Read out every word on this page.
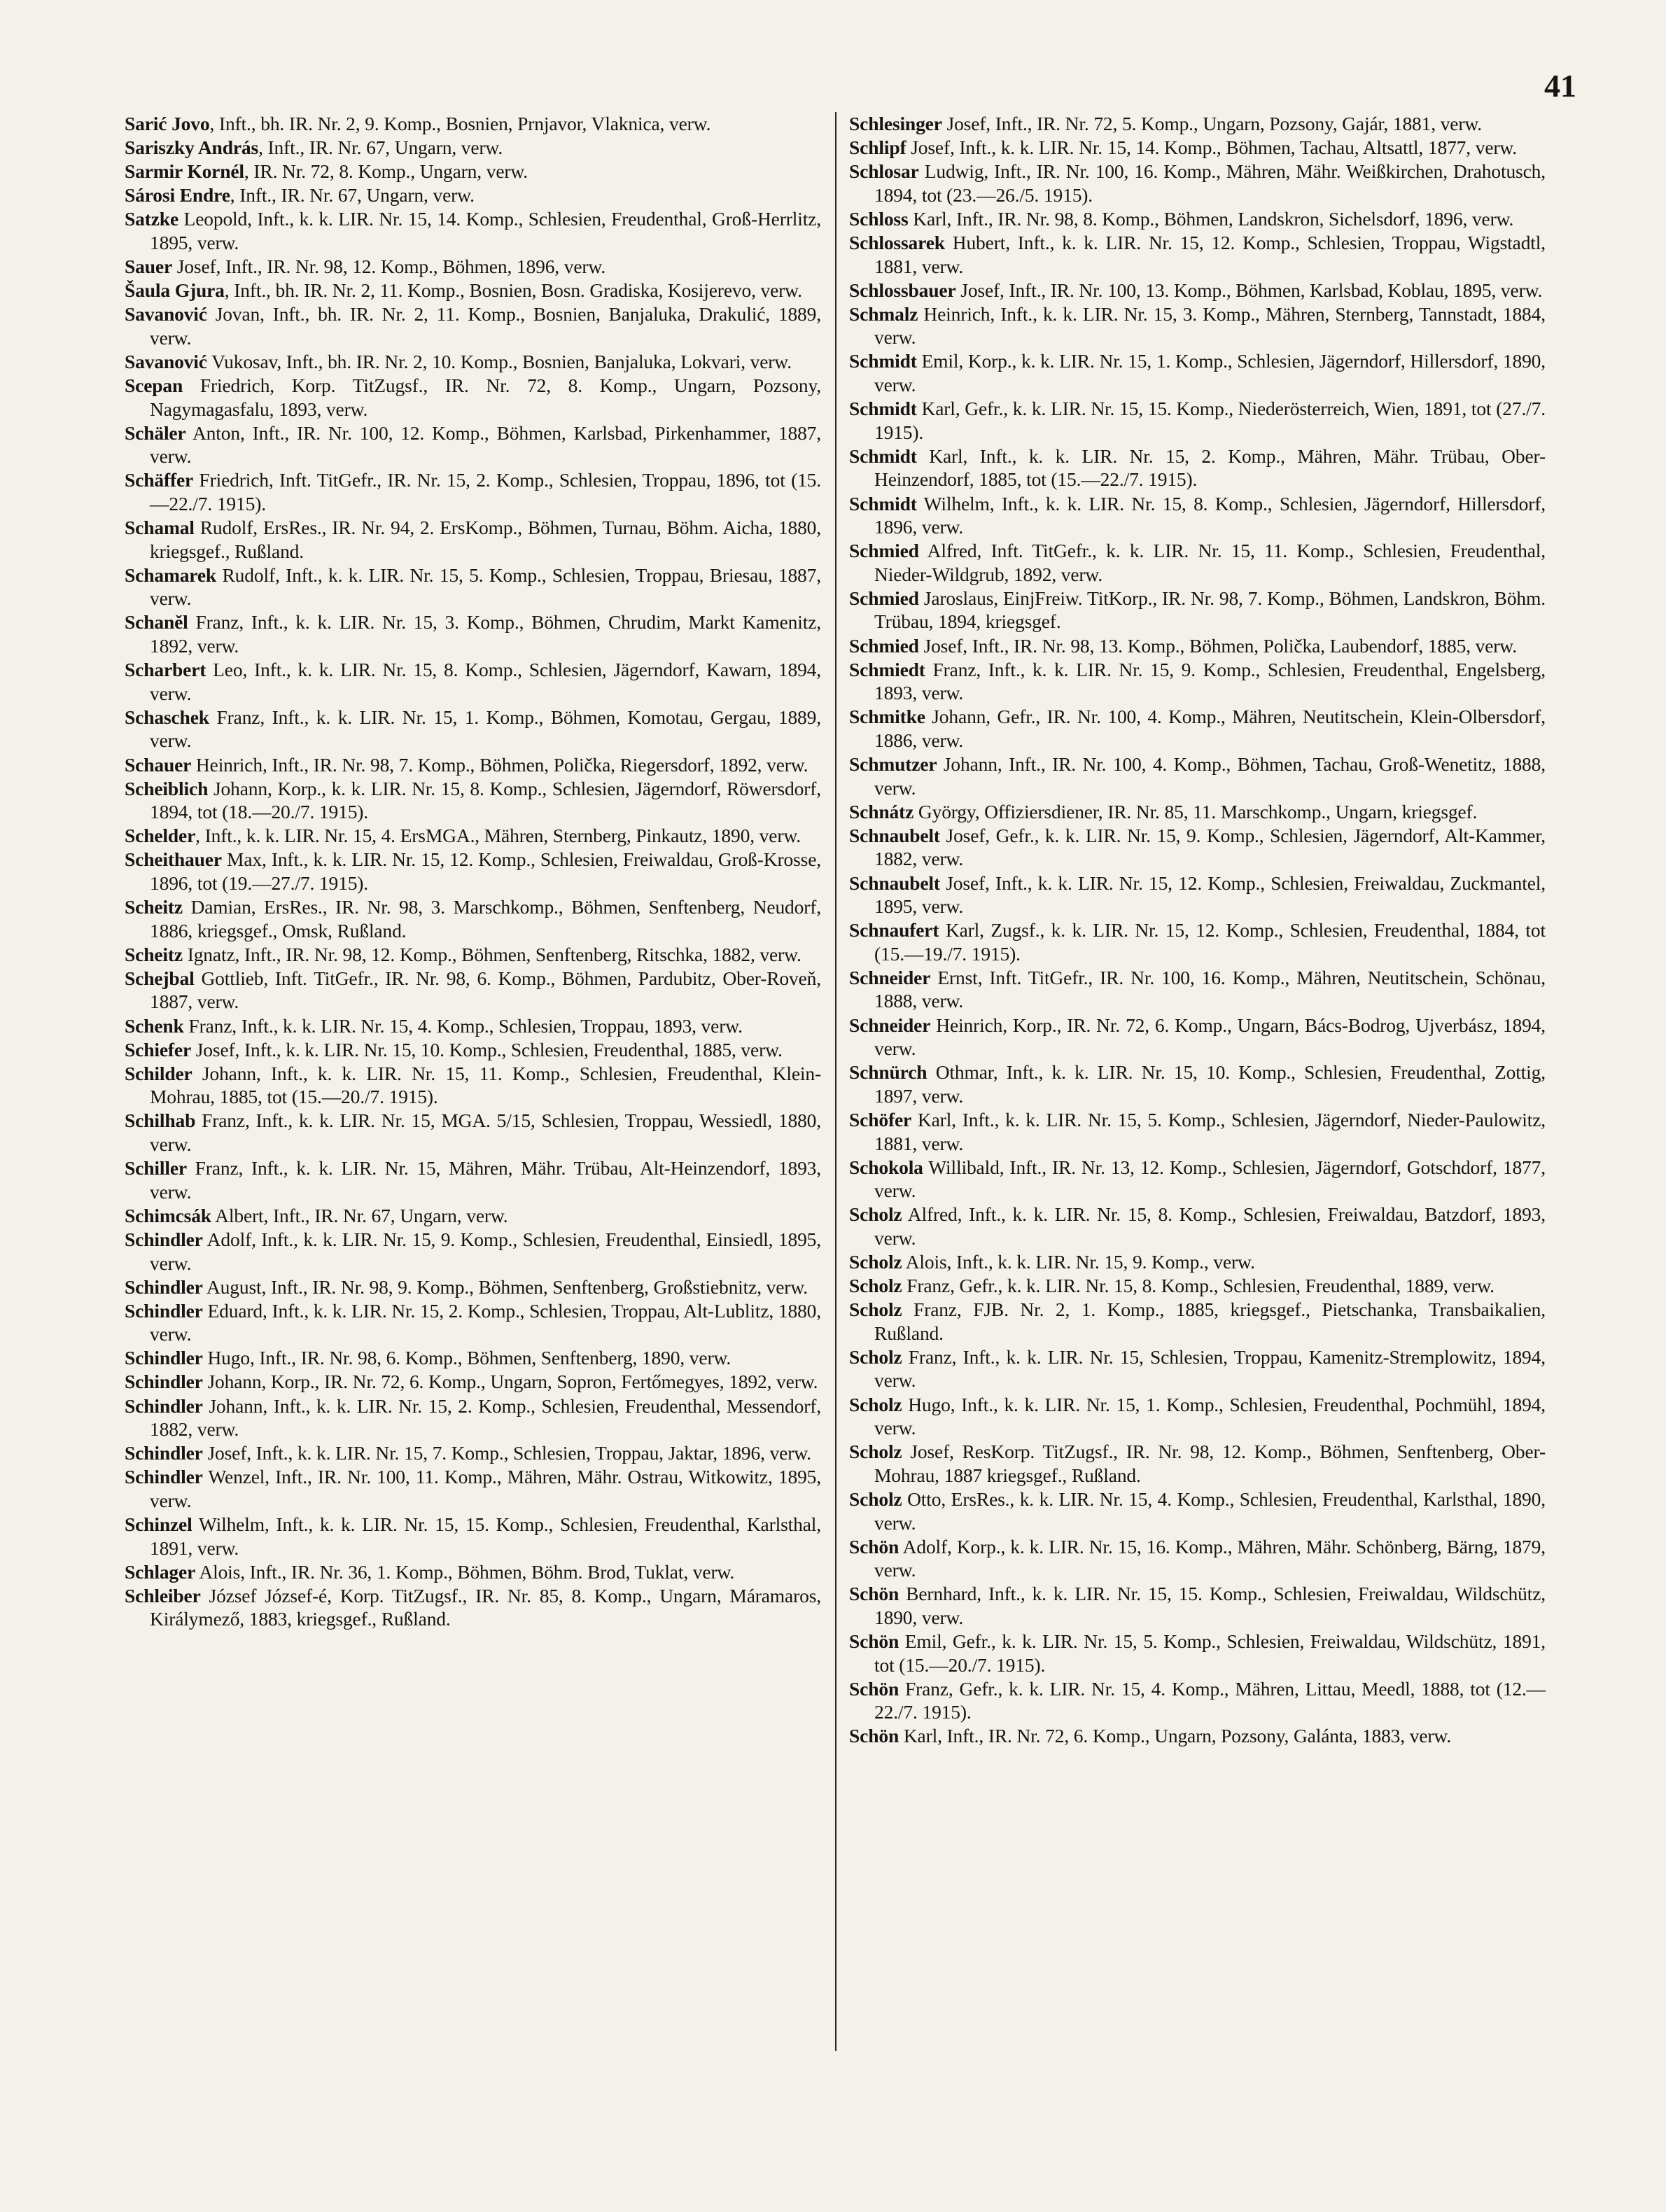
41

Sarić Jovo, Inft., bh. IR. Nr. 2, 9. Komp., Bosnien, Prnjavor, Vlaknica, verw.

Sariszky András, Inft., IR. Nr. 67, Ungarn, verw.

Sarmir Kornél, IR. Nr. 72, 8. Komp., Ungarn, verw.

Sárosi Endre, Inft., IR. Nr. 67, Ungarn, verw.

Satzke Leopold, Inft., k. k. LIR. Nr. 15, 14. Komp., Schlesien, Freudenthal, Groß-Herrlitz, 1895, verw.

Sauer Josef, Inft., IR. Nr. 98, 12. Komp., Böhmen, 1896, verw.

Šaula Gjura, Inft., bh. IR. Nr. 2, 11. Komp., Bosnien, Bosn. Gradiska, Kosijerevo, verw.

Savanović Jovan, Inft., bh. IR. Nr. 2, 11. Komp., Bosnien, Banjaluka, Drakulić, 1889, verw.

Savanović Vukosav, Inft., bh. IR. Nr. 2, 10. Komp., Bosnien, Banjaluka, Lokvari, verw.

Scepan Friedrich, Korp. TitZugsf., IR. Nr. 72, 8. Komp., Ungarn, Pozsony, Nagymagasfalu, 1893, verw.

Schäler Anton, Inft., IR. Nr. 100, 12. Komp., Böhmen, Karlsbad, Pirkenhammer, 1887, verw.

Schäffer Friedrich, Inft. TitGefr., IR. Nr. 15, 2. Komp., Schlesien, Troppau, 1896, tot (15.—22./7. 1915).

Schamal Rudolf, ErsRes., IR. Nr. 94, 2. ErsKomp., Böhmen, Turnau, Böhm. Aicha, 1880, kriegsgef., Rußland.

Schamarek Rudolf, Inft., k. k. LIR. Nr. 15, 5. Komp., Schlesien, Troppau, Briesau, 1887, verw.

Schaněl Franz, Inft., k. k. LIR. Nr. 15, 3. Komp., Böhmen, Chrudim, Markt Kamenitz, 1892, verw.

Scharbert Leo, Inft., k. k. LIR. Nr. 15, 8. Komp., Schlesien, Jägerndorf, Kawarn, 1894, verw.

Schaschek Franz, Inft., k. k. LIR. Nr. 15, 1. Komp., Böhmen, Komotau, Gergau, 1889, verw.

Schauer Heinrich, Inft., IR. Nr. 98, 7. Komp., Böhmen, Polička, Riegersdorf, 1892, verw.

Scheiblich Johann, Korp., k. k. LIR. Nr. 15, 8. Komp., Schlesien, Jägerndorf, Röwersdorf, 1894, tot (18.—20./7. 1915).

Schelder, Inft., k. k. LIR. Nr. 15, 4. ErsMGA., Mähren, Sternberg, Pinkautz, 1890, verw.

Scheithauer Max, Inft., k. k. LIR. Nr. 15, 12. Komp., Schlesien, Freiwaldau, Groß-Krosse, 1896, tot (19.—27./7. 1915).

Scheitz Damian, ErsRes., IR. Nr. 98, 3. Marschkomp., Böhmen, Senftenberg, Neudorf, 1886, kriegsgef., Omsk, Rußland.

Scheitz Ignatz, Inft., IR. Nr. 98, 12. Komp., Böhmen, Senftenberg, Ritschka, 1882, verw.

Schejbal Gottlieb, Inft. TitGefr., IR. Nr. 98, 6. Komp., Böhmen, Pardubitz, Ober-Roveň, 1887, verw.

Schenk Franz, Inft., k. k. LIR. Nr. 15, 4. Komp., Schlesien, Troppau, 1893, verw.

Schiefer Josef, Inft., k. k. LIR. Nr. 15, 10. Komp., Schlesien, Freudenthal, 1885, verw.

Schilder Johann, Inft., k. k. LIR. Nr. 15, 11. Komp., Schlesien, Freudenthal, Klein-Mohrau, 1885, tot (15.—20./7. 1915).

Schilhab Franz, Inft., k. k. LIR. Nr. 15, MGA. 5/15, Schlesien, Troppau, Wessiedl, 1880, verw.

Schiller Franz, Inft., k. k. LIR. Nr. 15, Mähren, Mähr. Trübau, Alt-Heinzendorf, 1893, verw.

Schimcsák Albert, Inft., IR. Nr. 67, Ungarn, verw.

Schindler Adolf, Inft., k. k. LIR. Nr. 15, 9. Komp., Schlesien, Freudenthal, Einsiedl, 1895, verw.

Schindler August, Inft., IR. Nr. 98, 9. Komp., Böhmen, Senftenberg, Großstiebnitz, verw.

Schindler Eduard, Inft., k. k. LIR. Nr. 15, 2. Komp., Schlesien, Troppau, Alt-Lublitz, 1880, verw.

Schindler Hugo, Inft., IR. Nr. 98, 6. Komp., Böhmen, Senftenberg, 1890, verw.

Schindler Johann, Korp., IR. Nr. 72, 6. Komp., Ungarn, Sopron, Fertőmegyes, 1892, verw.

Schindler Johann, Inft., k. k. LIR. Nr. 15, 2. Komp., Schlesien, Freudenthal, Messendorf, 1882, verw.

Schindler Josef, Inft., k. k. LIR. Nr. 15, 7. Komp., Schlesien, Troppau, Jaktar, 1896, verw.

Schindler Wenzel, Inft., IR. Nr. 100, 11. Komp., Mähren, Mähr. Ostrau, Witkowitz, 1895, verw.

Schinzel Wilhelm, Inft., k. k. LIR. Nr. 15, 15. Komp., Schlesien, Freudenthal, Karlsthal, 1891, verw.

Schlager Alois, Inft., IR. Nr. 36, 1. Komp., Böhmen, Böhm. Brod, Tuklat, verw.

Schleiber József József-é, Korp. TitZugsf., IR. Nr. 85, 8. Komp., Ungarn, Máramaros, Királymező, 1883, kriegsgef., Rußland.

Schlesinger Josef, Inft., IR. Nr. 72, 5. Komp., Ungarn, Pozsony, Gajár, 1881, verw.

Schlipf Josef, Inft., k. k. LIR. Nr. 15, 14. Komp., Böhmen, Tachau, Altsattl, 1877, verw.

Schlosar Ludwig, Inft., IR. Nr. 100, 16. Komp., Mähren, Mähr. Weißkirchen, Drahotusch, 1894, tot (23.—26./5. 1915).

Schloss Karl, Inft., IR. Nr. 98, 8. Komp., Böhmen, Landskron, Sichelsdorf, 1896, verw.

Schlossarek Hubert, Inft., k. k. LIR. Nr. 15, 12. Komp., Schlesien, Troppau, Wigstadtl, 1881, verw.

Schlossbauer Josef, Inft., IR. Nr. 100, 13. Komp., Böhmen, Karlsbad, Koblau, 1895, verw.

Schmalz Heinrich, Inft., k. k. LIR. Nr. 15, 3. Komp., Mähren, Sternberg, Tannstadt, 1884, verw.

Schmidt Emil, Korp., k. k. LIR. Nr. 15, 1. Komp., Schlesien, Jägerndorf, Hillersdorf, 1890, verw.

Schmidt Karl, Gefr., k. k. LIR. Nr. 15, 15. Komp., Niederösterreich, Wien, 1891, tot (27./7. 1915).

Schmidt Karl, Inft., k. k. LIR. Nr. 15, 2. Komp., Mähren, Mähr. Trübau, Ober-Heinzendorf, 1885, tot (15.—22./7. 1915).

Schmidt Wilhelm, Inft., k. k. LIR. Nr. 15, 8. Komp., Schlesien, Jägerndorf, Hillersdorf, 1896, verw.

Schmied Alfred, Inft. TitGefr., k. k. LIR. Nr. 15, 11. Komp., Schlesien, Freudenthal, Nieder-Wildgrub, 1892, verw.

Schmied Jaroslaus, EinjFreiw. TitKorp., IR. Nr. 98, 7. Komp., Böhmen, Landskron, Böhm. Trübau, 1894, kriegsgef.

Schmied Josef, Inft., IR. Nr. 98, 13. Komp., Böhmen, Polička, Laubendorf, 1885, verw.

Schmiedt Franz, Inft., k. k. LIR. Nr. 15, 9. Komp., Schlesien, Freudenthal, Engelsberg, 1893, verw.

Schmitke Johann, Gefr., IR. Nr. 100, 4. Komp., Mähren, Neutitschein, Klein-Olbersdorf, 1886, verw.

Schmutzer Johann, Inft., IR. Nr. 100, 4. Komp., Böhmen, Tachau, Groß-Wenetitz, 1888, verw.

Schnátz György, Offiziersdiener, IR. Nr. 85, 11. Marschkomp., Ungarn, kriegsgef.

Schnaubelt Josef, Gefr., k. k. LIR. Nr. 15, 9. Komp., Schlesien, Jägerndorf, Alt-Kammer, 1882, verw.

Schnaubelt Josef, Inft., k. k. LIR. Nr. 15, 12. Komp., Schlesien, Freiwaldau, Zuckmantel, 1895, verw.

Schnaufert Karl, Zugsf., k. k. LIR. Nr. 15, 12. Komp., Schlesien, Freudenthal, 1884, tot (15.—19./7. 1915).

Schneider Ernst, Inft. TitGefr., IR. Nr. 100, 16. Komp., Mähren, Neutitschein, Schönau, 1888, verw.

Schneider Heinrich, Korp., IR. Nr. 72, 6. Komp., Ungarn, Bács-Bodrog, Ujverbász, 1894, verw.

Schnürch Othmar, Inft., k. k. LIR. Nr. 15, 10. Komp., Schlesien, Freudenthal, Zottig, 1897, verw.

Schöfer Karl, Inft., k. k. LIR. Nr. 15, 5. Komp., Schlesien, Jägerndorf, Nieder-Paulowitz, 1881, verw.

Schokola Willibald, Inft., IR. Nr. 13, 12. Komp., Schlesien, Jägerndorf, Gotschdorf, 1877, verw.

Scholz Alfred, Inft., k. k. LIR. Nr. 15, 8. Komp., Schlesien, Freiwaldau, Batzdorf, 1893, verw.

Scholz Alois, Inft., k. k. LIR. Nr. 15, 9. Komp., verw.

Scholz Franz, Gefr., k. k. LIR. Nr. 15, 8. Komp., Schlesien, Freudenthal, 1889, verw.

Scholz Franz, FJB. Nr. 2, 1. Komp., 1885, kriegsgef., Pietschanka, Transbaikalien, Rußland.

Scholz Franz, Inft., k. k. LIR. Nr. 15, Schlesien, Troppau, Kamenitz-Stremplowitz, 1894, verw.

Scholz Hugo, Inft., k. k. LIR. Nr. 15, 1. Komp., Schlesien, Freudenthal, Pochmühl, 1894, verw.

Scholz Josef, ResKorp. TitZugsf., IR. Nr. 98, 12. Komp., Böhmen, Senftenberg, Ober-Mohrau, 1887 kriegsgef., Rußland.

Scholz Otto, ErsRes., k. k. LIR. Nr. 15, 4. Komp., Schlesien, Freudenthal, Karlsthal, 1890, verw.

Schön Adolf, Korp., k. k. LIR. Nr. 15, 16. Komp., Mähren, Mähr. Schönberg, Bärng, 1879, verw.

Schön Bernhard, Inft., k. k. LIR. Nr. 15, 15. Komp., Schlesien, Freiwaldau, Wildschütz, 1890, verw.

Schön Emil, Gefr., k. k. LIR. Nr. 15, 5. Komp., Schlesien, Freiwaldau, Wildschütz, 1891, tot (15.—20./7. 1915).

Schön Franz, Gefr., k. k. LIR. Nr. 15, 4. Komp., Mähren, Littau, Meedl, 1888, tot (12.—22./7. 1915).

Schön Karl, Inft., IR. Nr. 72, 6. Komp., Ungarn, Pozsony, Galánta, 1883, verw.
